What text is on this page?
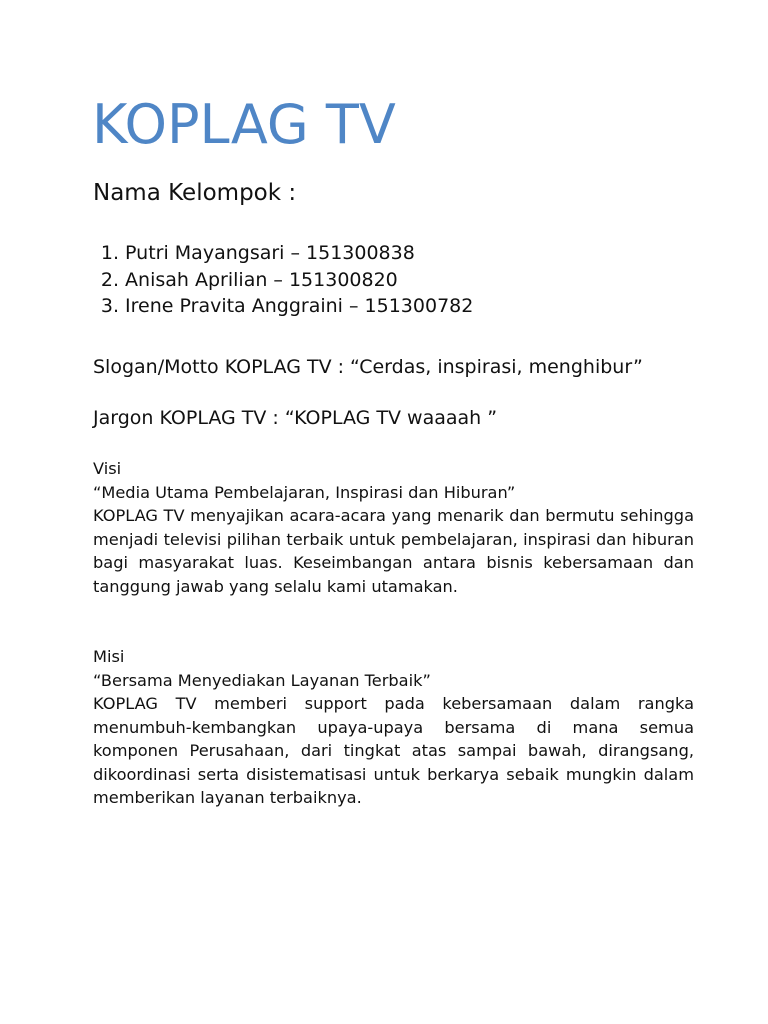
KOPLAG TV
Nama Kelompok :
1. Putri Mayangsari – 151300838
2. Anisah Aprilian – 151300820
3. Irene Pravita Anggraini – 151300782

Slogan/Motto KOPLAG TV : “Cerdas, inspirasi, menghibur”

Jargon KOPLAG TV : “KOPLAG TV waaaah ”

Visi

“Media Utama Pembelajaran, Inspirasi dan Hiburan”

KOPLAG TV menyajikan acara-acara yang menarik dan bermutu sehingga menjadi televisi pilihan terbaik untuk pembelajaran, inspirasi dan hiburan bagi masyarakat luas. Keseimbangan antara bisnis kebersamaan dan tanggung jawab yang selalu kami utamakan.

Misi

“Bersama Menyediakan Layanan Terbaik”

KOPLAG TV memberi support pada kebersamaan dalam rangka menumbuh-kembangkan upaya-upaya bersama di mana semua komponen Perusahaan, dari tingkat atas sampai bawah, dirangsang, dikoordinasi serta disistematisasi untuk berkarya sebaik mungkin dalam memberikan layanan terbaiknya.
